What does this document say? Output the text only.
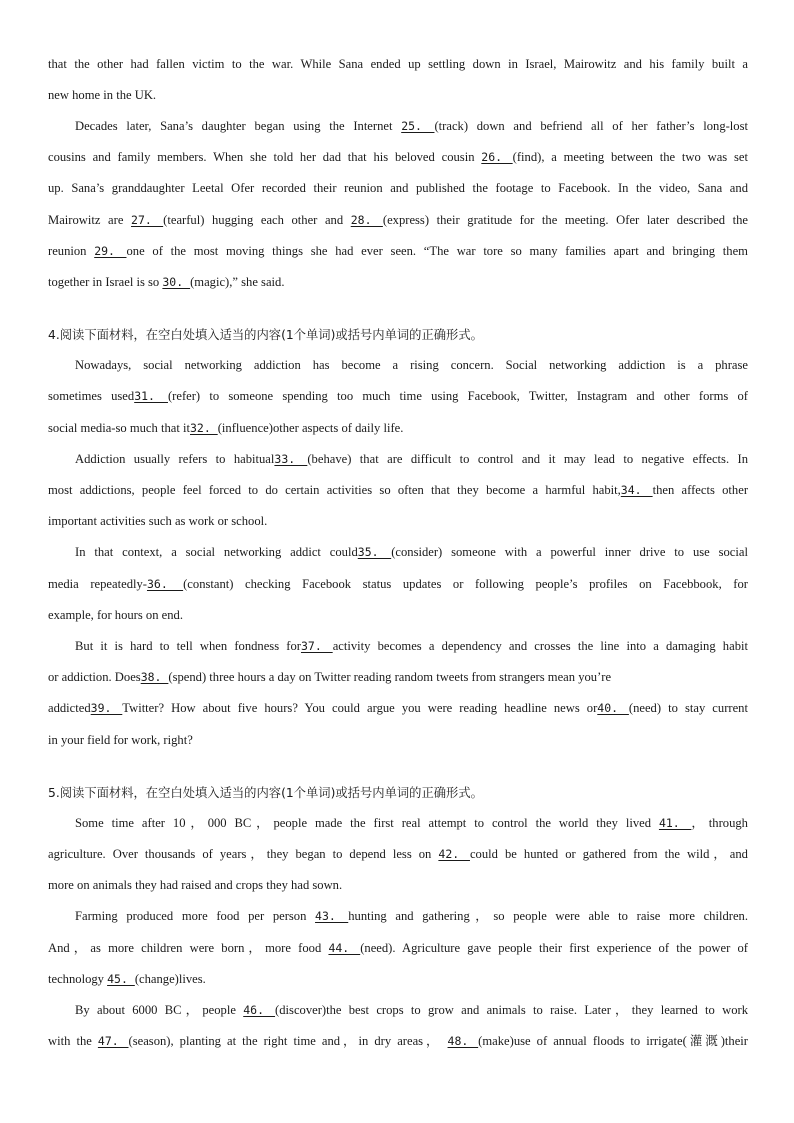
that the other had fallen victim to the war. While Sana ended up settling down in Israel, Mairowitz and his family built a
new home in the UK.
Decades later, Sana’s daughter began using the Internet 25. (track) down and befriend all of her father’s long-lost
cousins and family members. When she told her dad that his beloved cousin 26. (find), a meeting between the two was set
up. Sana’s granddaughter Leetal Ofer recorded their reunion and published the footage to Facebook. In the video, Sana and
Mairowitz are 27. (tearful) hugging each other and 28. (express) their gratitude for the meeting. Ofer later described the
reunion 29. one of the most moving things she had ever seen. “The war tore so many families apart and bringing them
together in Israel is so 30. (magic),” she said.
4.阅读下面材料，在空白处填入适当的内容(1个单词)或括号内单词的正确形式。
Nowadays, social networking addiction has become a rising concern. Social networking addiction is a phrase
sometimes used31. (refer) to someone spending too much time using Facebook, Twitter, Instagram and other forms of
social media-so much that it32. (influence)other aspects of daily life.
Addiction usually refers to habitual33. (behave) that are difficult to control and it may lead to negative effects. In
most addictions, people feel forced to do certain activities so often that they become a harmful habit,34. then affects other
important activities such as work or school.
In that context, a social networking addict could35. (consider) someone with a powerful inner drive to use social
media repeatedly-36. (constant) checking Facebook status updates or following people’s profiles on Facebbook, for
example, for hours on end.
But it is hard to tell when fondness for37. activity becomes a dependency and crosses the line into a damaging habit
or addiction. Does38. (spend) three hours a day on Twitter reading random tweets from strangers mean you’re
addicted39. Twitter? How about five hours? You could argue you were reading headline news or40. (need) to stay current
in your field for work, right?
5.阅读下面材料，在空白处填入适当的内容(1个单词)或括号内单词的正确形式。
Some time after 10，000 BC，people made the first real attempt to control the world they lived 41. ，through
agriculture. Over thousands of years，they began to depend less on 42. could be hunted or gathered from the wild，and
more on animals they had raised and crops they had sown.
Farming produced more food per person 43. hunting and gathering，so people were able to raise more children.
And，as more children were born，more food 44. (need). Agriculture gave people their first experience of the power of
technology 45. (change)lives.
By about 6000 BC，people 46. (discover)the best crops to grow and animals to raise. Later，they learned to work
with the 47. (season), planting at the right time and，in dry areas， 48. (make)use of annual floods to irrigate(灌溉)their
